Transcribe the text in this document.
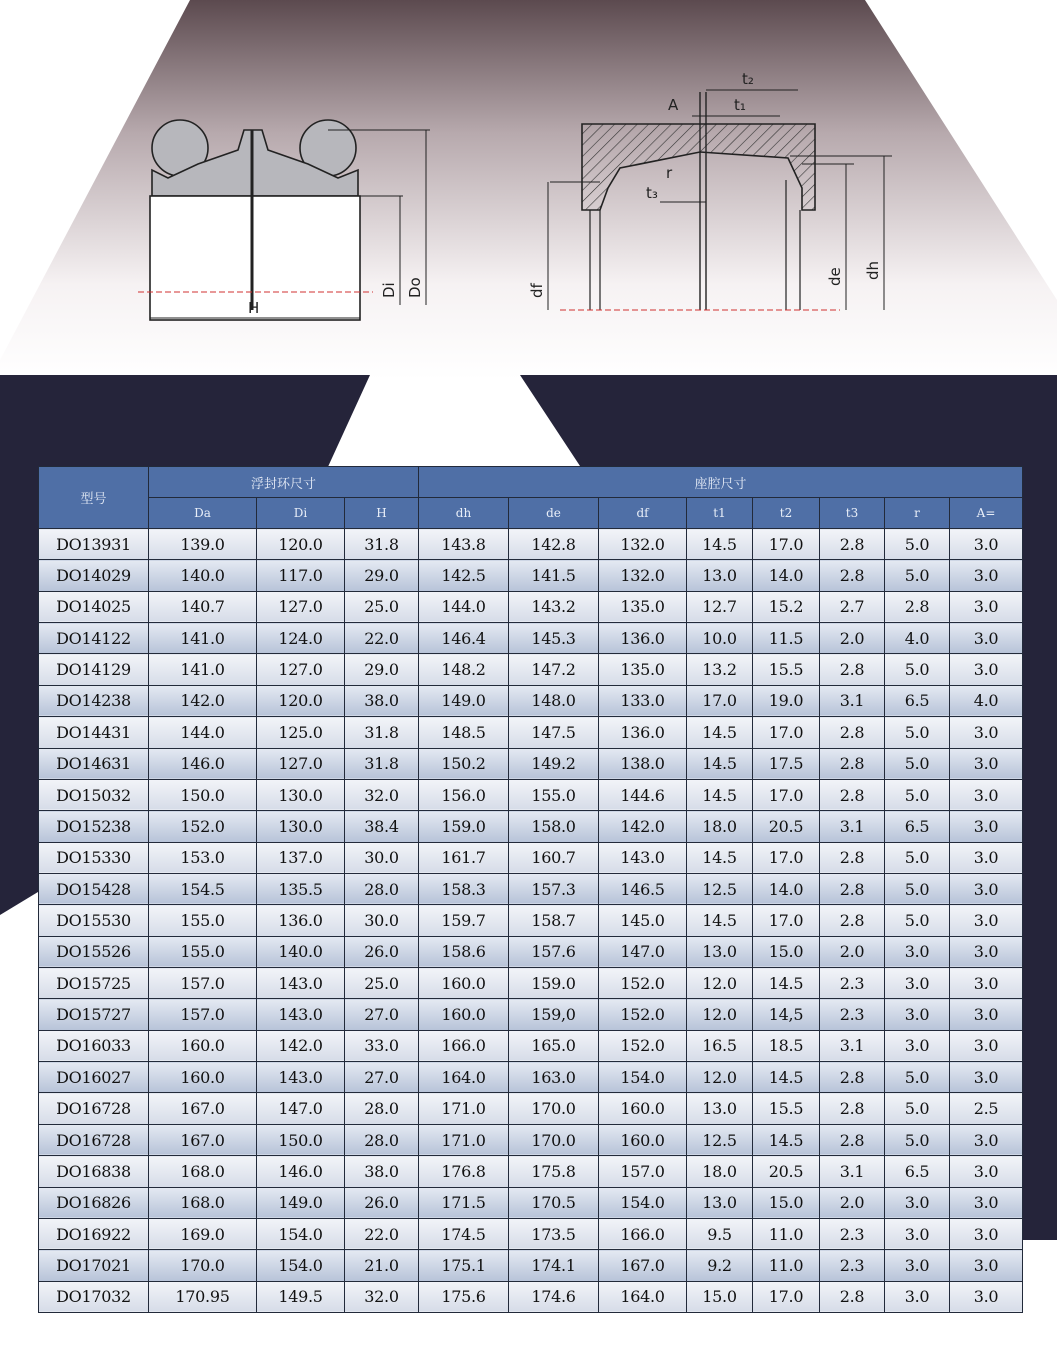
H
Di Do
A	t₁
t₂
t₃
r
df
de dh
型号	浮封环尺寸			座腔尺寸							
	Da	Di	H	dh	de	df	t1	t2	t3	r	A=
DO13931	139.0	120.0	31.8	143.8	142.8	132.0	14.5	17.0	2.8	5.0	3.0
DO14029	140.0	117.0	29.0	142.5	141.5	132.0	13.0	14.0	2.8	5.0	3.0
DO14025	140.7	127.0	25.0	144.0	143.2	135.0	12.7	15.2	2.7	2.8	3.0
DO14122	141.0	124.0	22.0	146.4	145.3	136.0	10.0	11.5	2.0	4.0	3.0
DO14129	141.0	127.0	29.0	148.2	147.2	135.0	13.2	15.5	2.8	5.0	3.0
DO14238	142.0	120.0	38.0	149.0	148.0	133.0	17.0	19.0	3.1	6.5	4.0
DO14431	144.0	125.0	31.8	148.5	147.5	136.0	14.5	17.0	2.8	5.0	3.0
DO14631	146.0	127.0	31.8	150.2	149.2	138.0	14.5	17.5	2.8	5.0	3.0
DO15032	150.0	130.0	32.0	156.0	155.0	144.6	14.5	17.0	2.8	5.0	3.0
DO15238	152.0	130.0	38.4	159.0	158.0	142.0	18.0	20.5	3.1	6.5	3.0
DO15330	153.0	137.0	30.0	161.7	160.7	143.0	14.5	17.0	2.8	5.0	3.0
DO15428	154.5	135.5	28.0	158.3	157.3	146.5	12.5	14.0	2.8	5.0	3.0
DO15530	155.0	136.0	30.0	159.7	158.7	145.0	14.5	17.0	2.8	5.0	3.0
DO15526	155.0	140.0	26.0	158.6	157.6	147.0	13.0	15.0	2.0	3.0	3.0
DO15725	157.0	143.0	25.0	160.0	159.0	152.0	12.0	14.5	2.3	3.0	3.0
DO15727	157.0	143.0	27.0	160.0	159,0	152.0	12.0	14,5	2.3	3.0	3.0
DO16033	160.0	142.0	33.0	166.0	165.0	152.0	16.5	18.5	3.1	3.0	3.0
DO16027	160.0	143.0	27.0	164.0	163.0	154.0	12.0	14.5	2.8	5.0	3.0
DO16728	167.0	147.0	28.0	171.0	170.0	160.0	13.0	15.5	2.8	5.0	2.5
DO16728	167.0	150.0	28.0	171.0	170.0	160.0	12.5	14.5	2.8	5.0	3.0
DO16838	168.0	146.0	38.0	176.8	175.8	157.0	18.0	20.5	3.1	6.5	3.0
DO16826	168.0	149.0	26.0	171.5	170.5	154.0	13.0	15.0	2.0	3.0	3.0
DO16922	169.0	154.0	22.0	174.5	173.5	166.0	9.5	11.0	2.3	3.0	3.0
DO17021	170.0	154.0	21.0	175.1	174.1	167.0	9.2	11.0	2.3	3.0	3.0
DO17032	170.95	149.5	32.0	175.6	174.6	164.0	15.0	17.0	2.8	3.0	3.0
